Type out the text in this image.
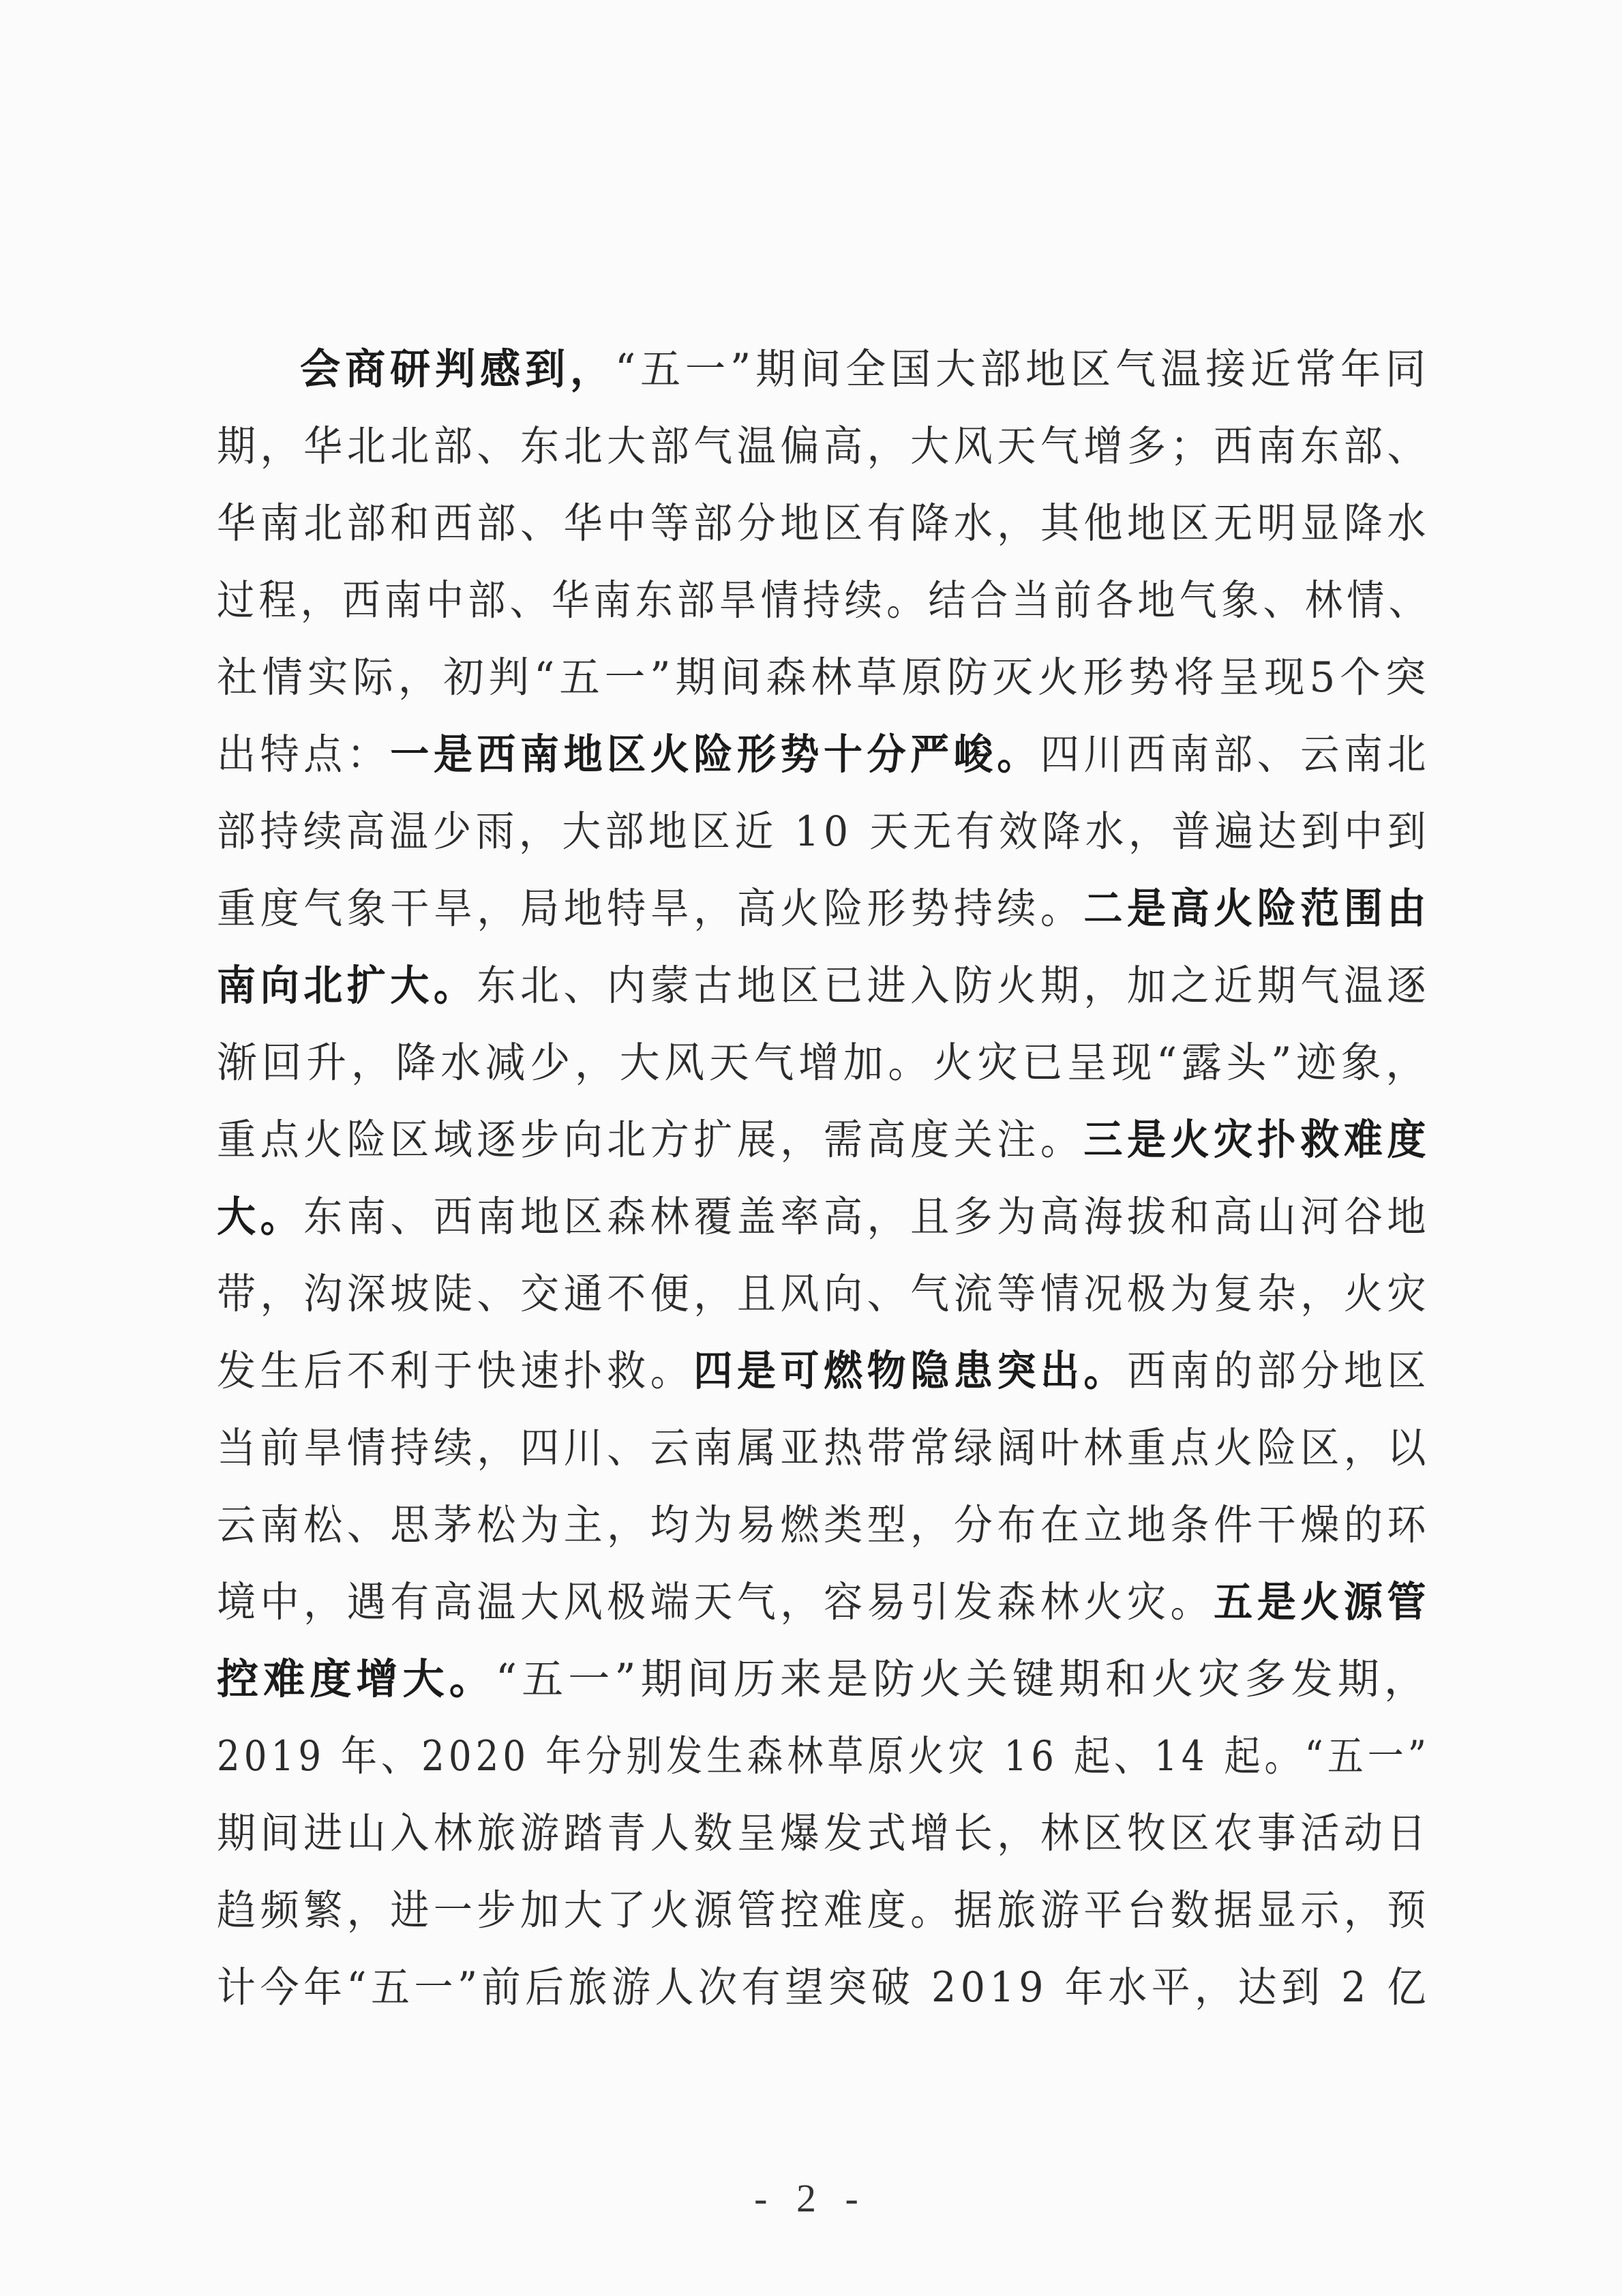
会商研判感到，“五一”期间全国大部地区气温接近常年同
期，华北北部、东北大部气温偏高，大风天气增多；西南东部、
华南北部和西部、华中等部分地区有降水，其他地区无明显降水
过程，西南中部、华南东部旱情持续。结合当前各地气象、林情、
社情实际，初判“五一”期间森林草原防灭火形势将呈现5个突
出特点：一是西南地区火险形势十分严峻。四川西南部、云南北
部持续高温少雨，大部地区近 10 天无有效降水，普遍达到中到
重度气象干旱，局地特旱，高火险形势持续。二是高火险范围由
南向北扩大。东北、内蒙古地区已进入防火期，加之近期气温逐
渐回升，降水减少，大风天气增加。火灾已呈现“露头”迹象，
重点火险区域逐步向北方扩展，需高度关注。三是火灾扑救难度
大。东南、西南地区森林覆盖率高，且多为高海拔和高山河谷地
带，沟深坡陡、交通不便，且风向、气流等情况极为复杂，火灾
发生后不利于快速扑救。四是可燃物隐患突出。西南的部分地区
当前旱情持续，四川、云南属亚热带常绿阔叶林重点火险区，以
云南松、思茅松为主，均为易燃类型，分布在立地条件干燥的环
境中，遇有高温大风极端天气，容易引发森林火灾。五是火源管
控难度增大。“五一”期间历来是防火关键期和火灾多发期，
2019 年、2020 年分别发生森林草原火灾 16 起、14 起。“五一”
期间进山入林旅游踏青人数呈爆发式增长，林区牧区农事活动日
趋频繁，进一步加大了火源管控难度。据旅游平台数据显示，预
计今年“五一”前后旅游人次有望突破 2019 年水平，达到 2 亿
- 2 -
